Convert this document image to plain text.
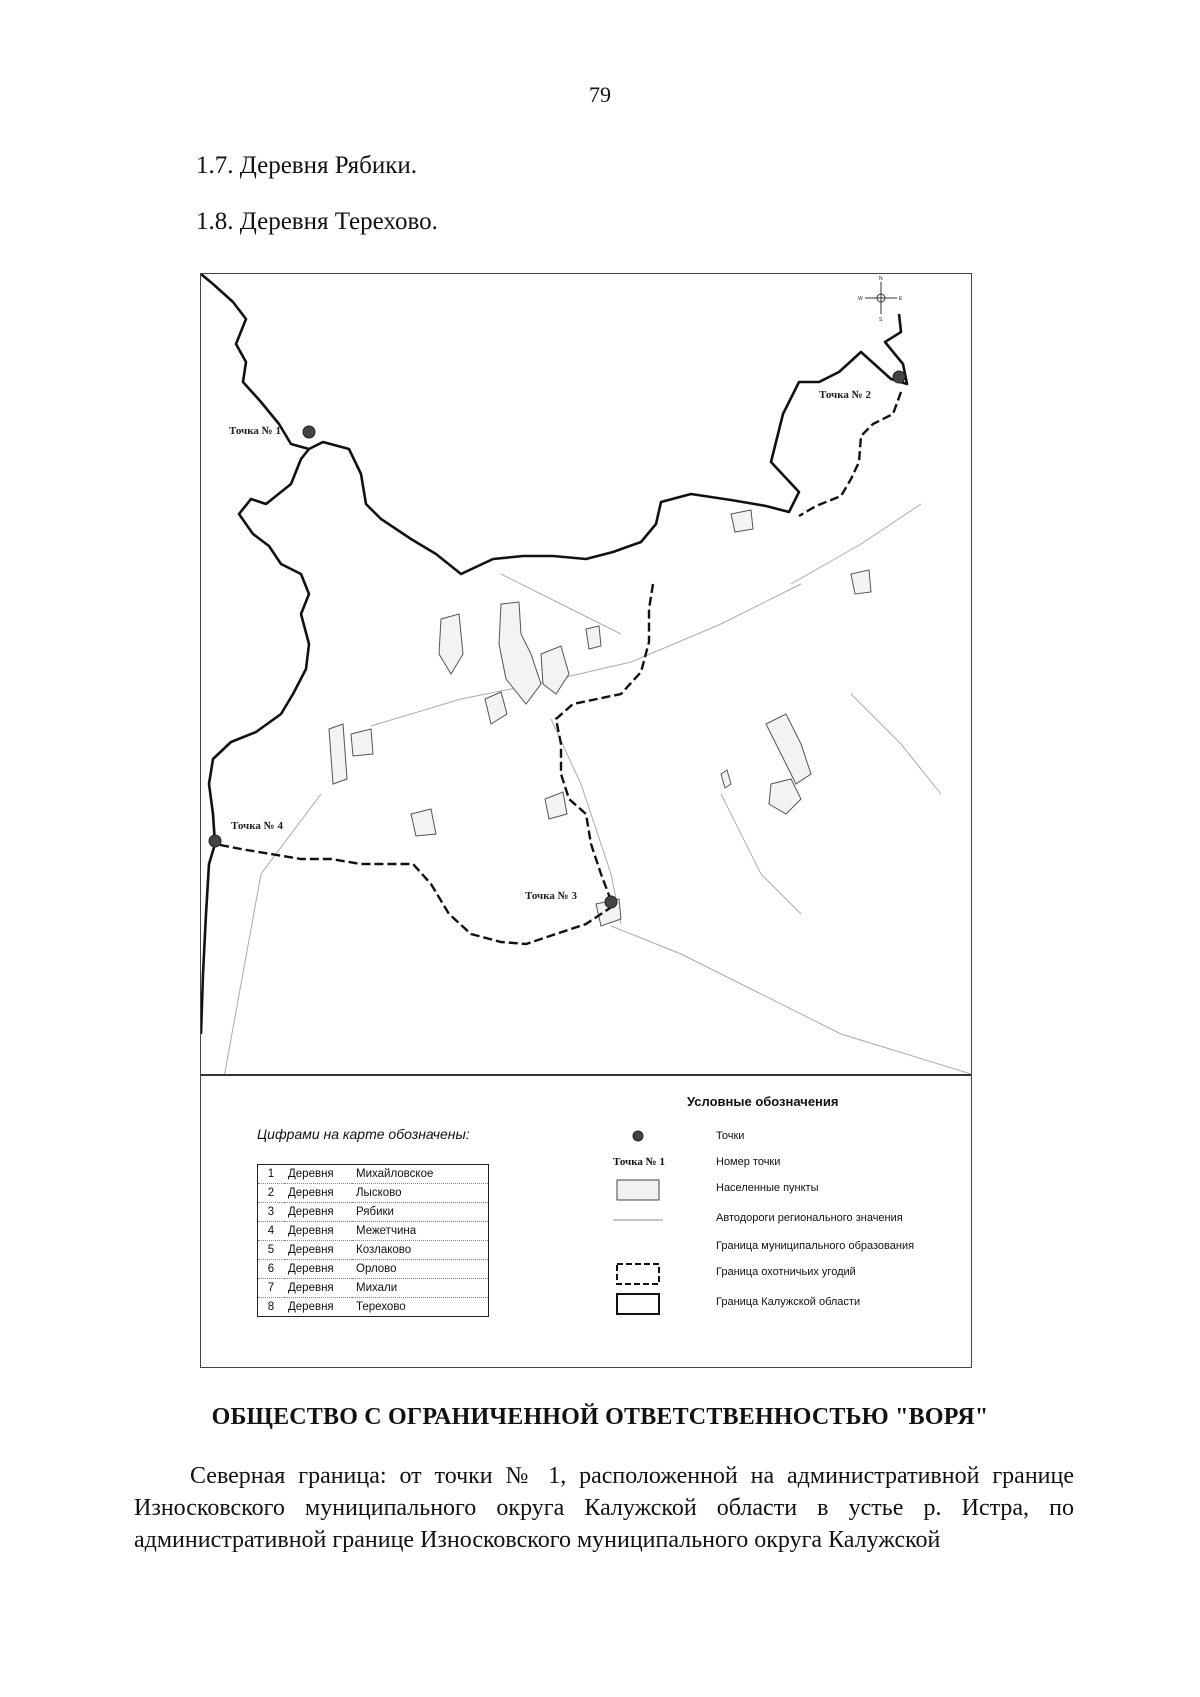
79
1.7. Деревня Рябики.
1.8. Деревня Терехово.
Точка № 1
Точка № 2
Точка № 3
Точка № 4
N
W	E
S
Цифрами на карте обозначены:
1	Деревня	Михайловское
2	Деревня	Лысково
3	Деревня	Рябики
4	Деревня	Межетчина
5	Деревня	Козлаково
6	Деревня	Орлово
7	Деревня	Михали
8	Деревня	Терехово
Условные обозначения
Точки
Точка № 1	Номер точки
Населенные пункты
Автодороги регионального значения
Граница муниципального образования
Граница охотничьих угодий
Граница Калужской области
ОБЩЕСТВО С ОГРАНИЧЕННОЙ ОТВЕТСТВЕННОСТЬЮ "ВОРЯ"
Северная граница: от точки № 1, расположенной на административной границе Износковского муниципального округа Калужской области в устье р. Истра, по административной границе Износковского муниципального округа Калужской
